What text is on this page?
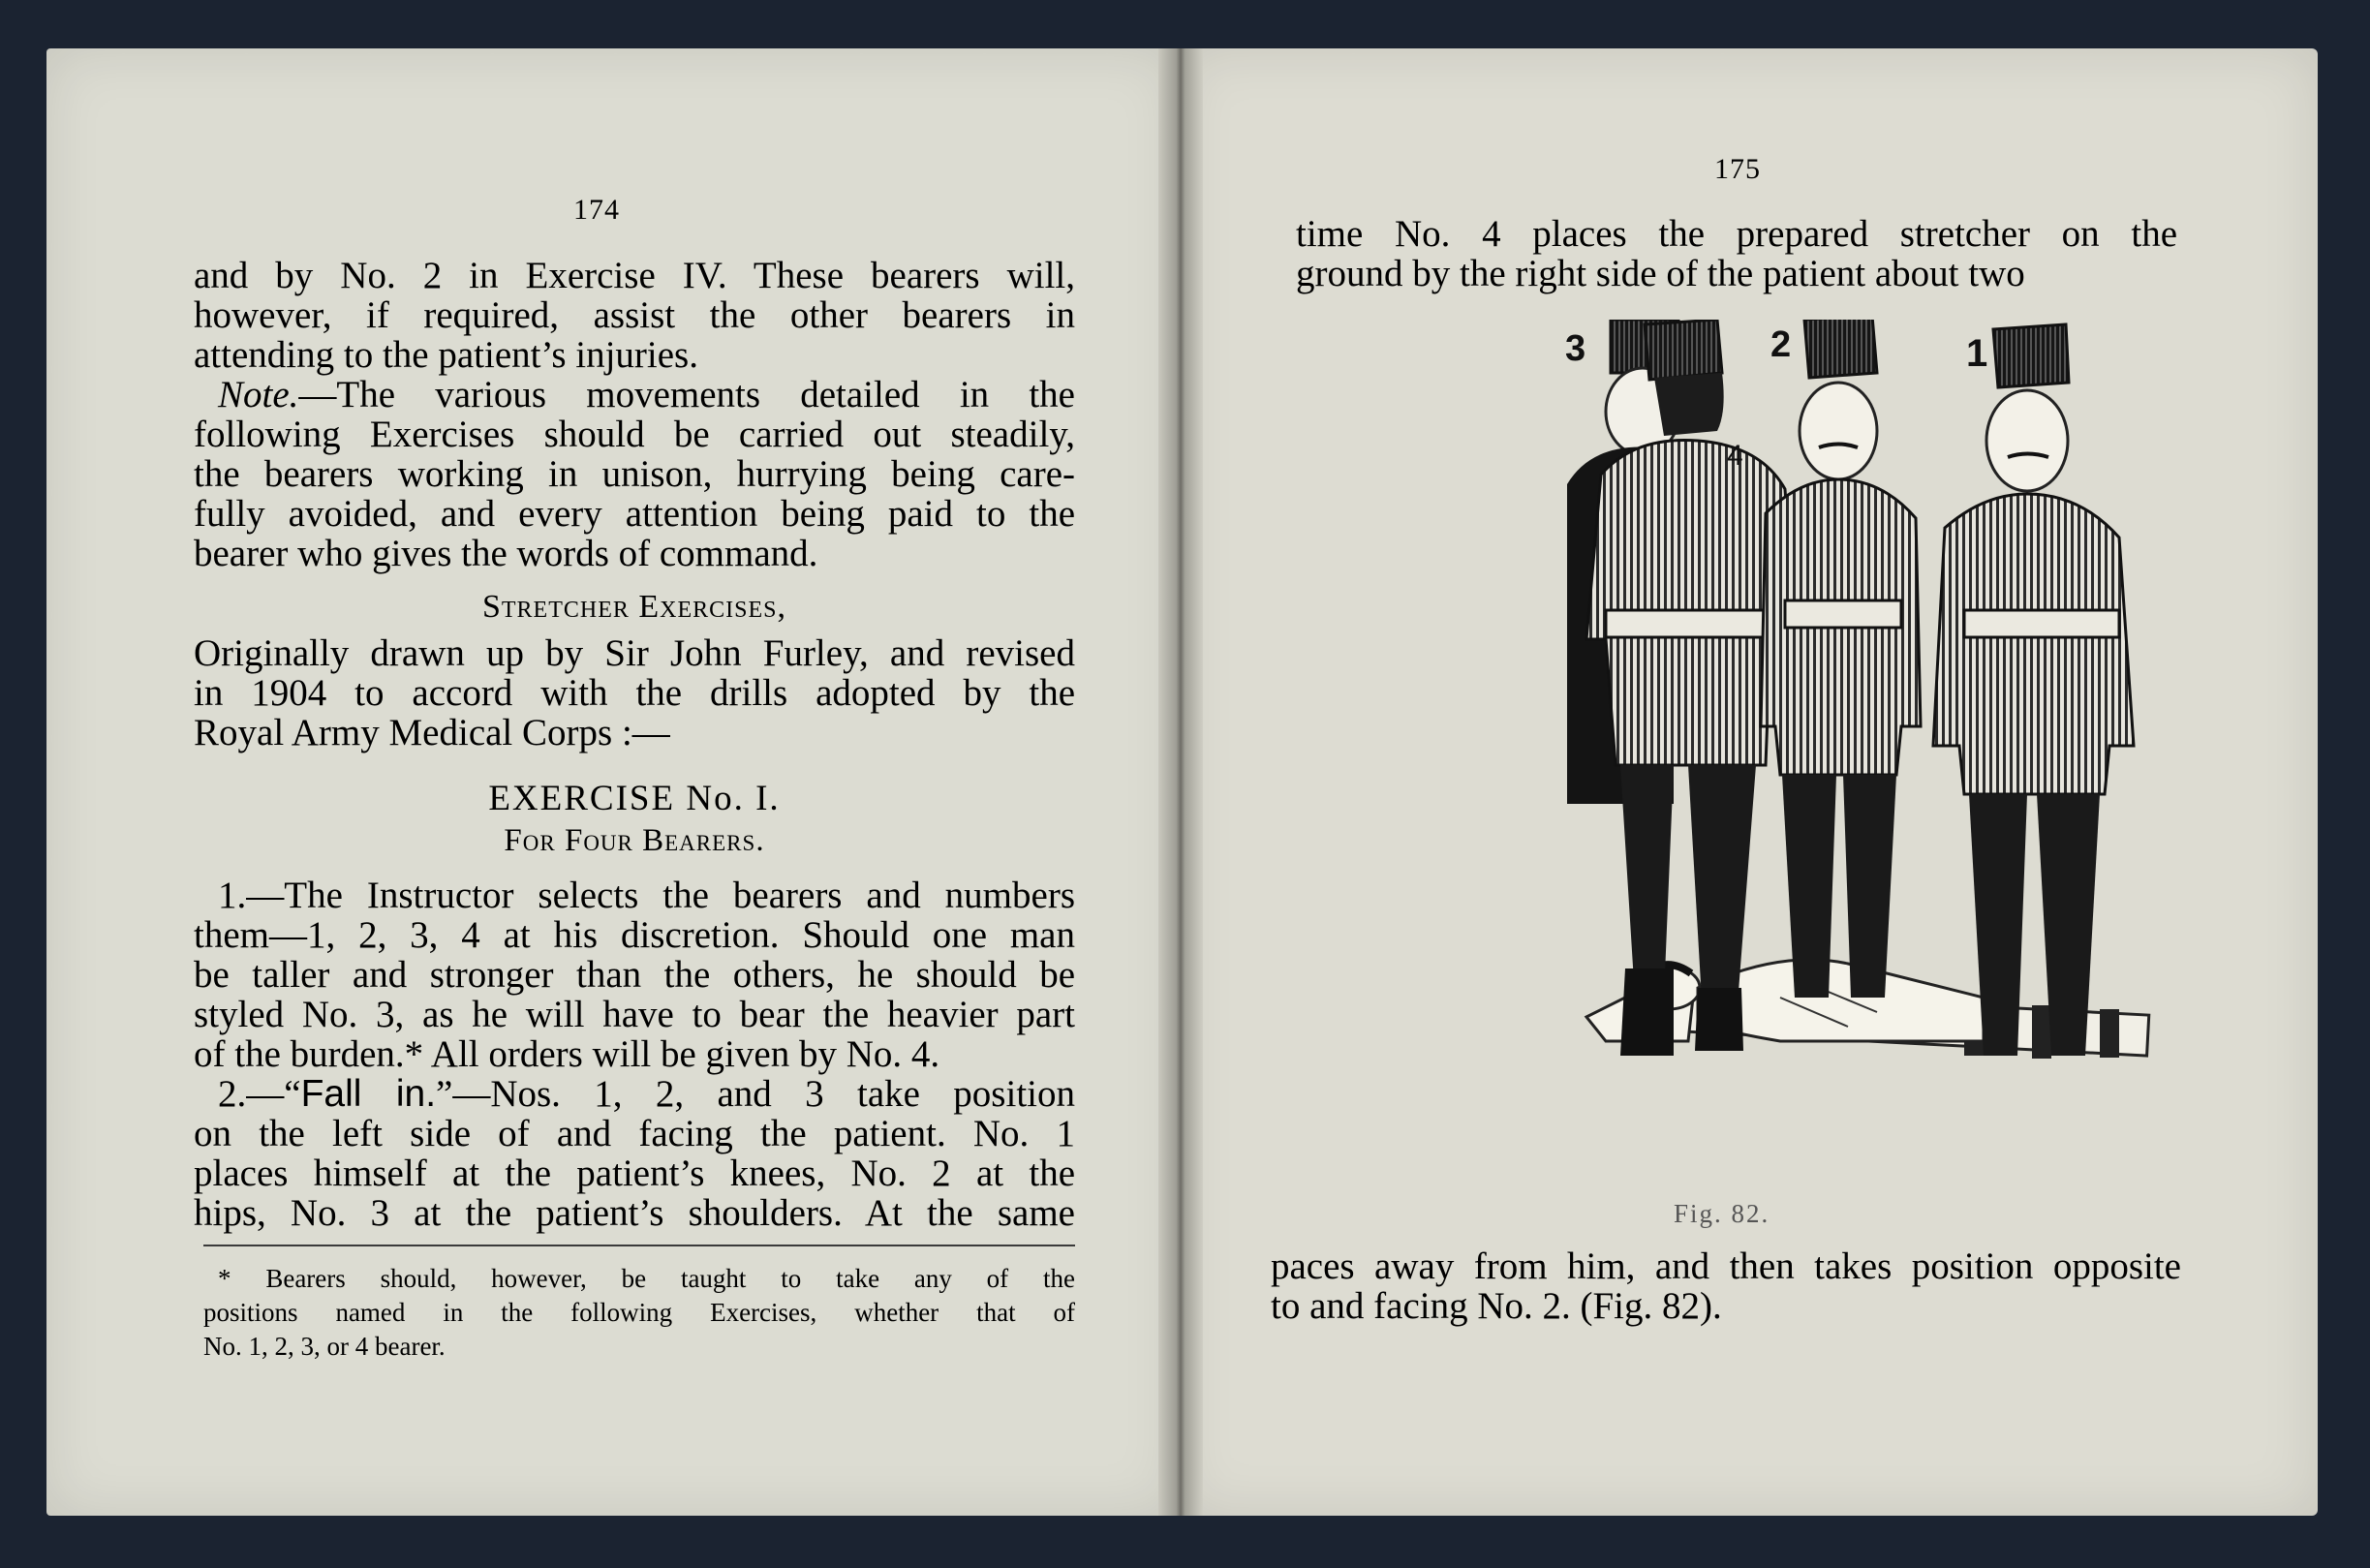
174
and by No. 2 in Exercise IV. These bearers will,
however, if required, assist the other bearers in
attending to the patient’s injuries.
Note.—The various movements detailed in the
following Exercises should be carried out steadily,
the bearers working in unison, hurrying being care-
fully avoided, and every attention being paid to the
bearer who gives the words of command.
Stretcher Exercises,
Originally drawn up by Sir John Furley, and revised
in 1904 to accord with the drills adopted by the
Royal Army Medical Corps :—
EXERCISE No. I.
For Four Bearers.
1.—The Instructor selects the bearers and numbers
them—1, 2, 3, 4 at his discretion. Should one man
be taller and stronger than the others, he should be
styled No. 3, as he will have to bear the heavier part
of the burden.* All orders will be given by No. 4.
2.—“Fall in.”—Nos. 1, 2, and 3 take position
on the left side of and facing the patient. No. 1
places himself at the patient’s knees, No. 2 at the
hips, No. 3 at the patient’s shoulders. At the same
* Bearers should, however, be taught to take any of the
positions named in the following Exercises, whether that of
No. 1, 2, 3, or 4 bearer.
175
time No. 4 places the prepared stretcher on the
ground by the right side of the patient about two
3
4
2	1
Fig. 82.
paces away from him, and then takes position opposite
to and facing No. 2. (Fig. 82).
